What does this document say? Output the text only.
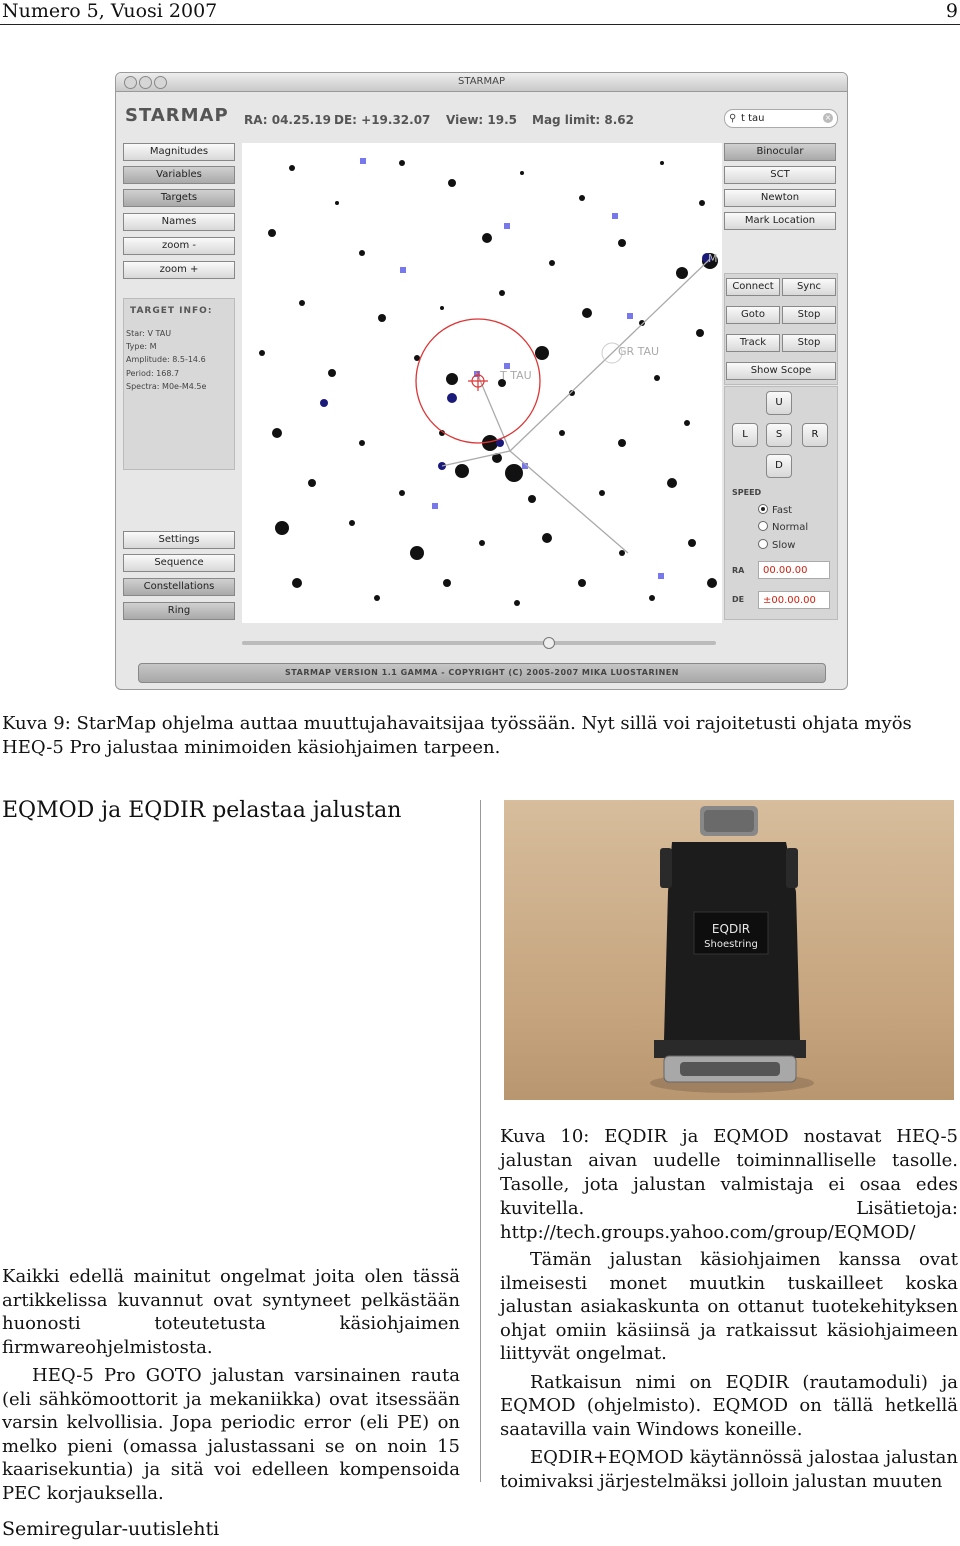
Numero 5, Vuosi 2007	9
STARMAP
STARMAP RA: 04.25.19 DE: +19.32.07 View: 19.5 Mag limit: 8.62	⚲ t tau	×
Magnitudes
Variables
Targets
Names
zoom -
zoom +
TARGET INFO:
Star: V TAU
Type: M
Amplitude: 8.5-14.6
Period: 168.7
Spectra: M0e-M4.5e
Settings
Sequence
Constellations
Ring
T TAU
GR TAU
M
STARMAP VERSION 1.1 GAMMA - COPYRIGHT (C) 2005-2007 MIKA LUOSTARINEN
Binocular
SCT
Newton
Mark Location
Connect	Sync
Goto	Stop
Track	Stop
Show Scope
U
L	S	R
D
SPEED
Fast
Normal
Slow
RA	00.00.00
DE	±00.00.00
Kuva 9: StarMap ohjelma auttaa muuttujahavaitsijaa työssään. Nyt sillä voi rajoitetusti ohjata myös HEQ-5 Pro jalustaa minimoiden käsiohjaimen tarpeen.
EQMOD ja EQDIR pelastaa jalustan
EQDIR
Shoestring
Kuva 10: EQDIR ja EQMOD nostavat HEQ-5 jalustan aivan uudelle toiminnalliselle tasolle. Tasolle, jota jalustan valmistaja ei osaa edes kuvitella. Lisätietoja: http://tech.groups.yahoo.com/group/EQMOD/

Kaikki edellä mainitut ongelmat joita olen tässä artikkelissa kuvannut ovat syntyneet pelkästään huonosti toteutetusta käsiohjaimen firmwareohjelmistosta.

HEQ-5 Pro GOTO jalustan varsinainen rauta (eli sähkömoottorit ja mekaniikka) ovat itsessään varsin kelvollisia. Jopa periodic error (eli PE) on melko pieni (omassa jalustassani se on noin 15 kaarisekuntia) ja sitä voi edelleen kompensoida PEC korjauksella.

Tämän jalustan käsiohjaimen kanssa ovat ilmeisesti monet muutkin tuskailleet koska jalustan asiakaskunta on ottanut tuotekehityksen ohjat omiin käsiinsä ja ratkaissut käsiohjaimeen liittyvät ongelmat.

Ratkaisun nimi on EQDIR (rautamoduli) ja EQMOD (ohjelmisto). EQMOD on tällä hetkellä saatavilla vain Windows koneille.

EQDIR+EQMOD käytännössä jalostaa jalustan toimivaksi järjestelmäksi jolloin jalustan muuten

Semiregular-uutislehti
